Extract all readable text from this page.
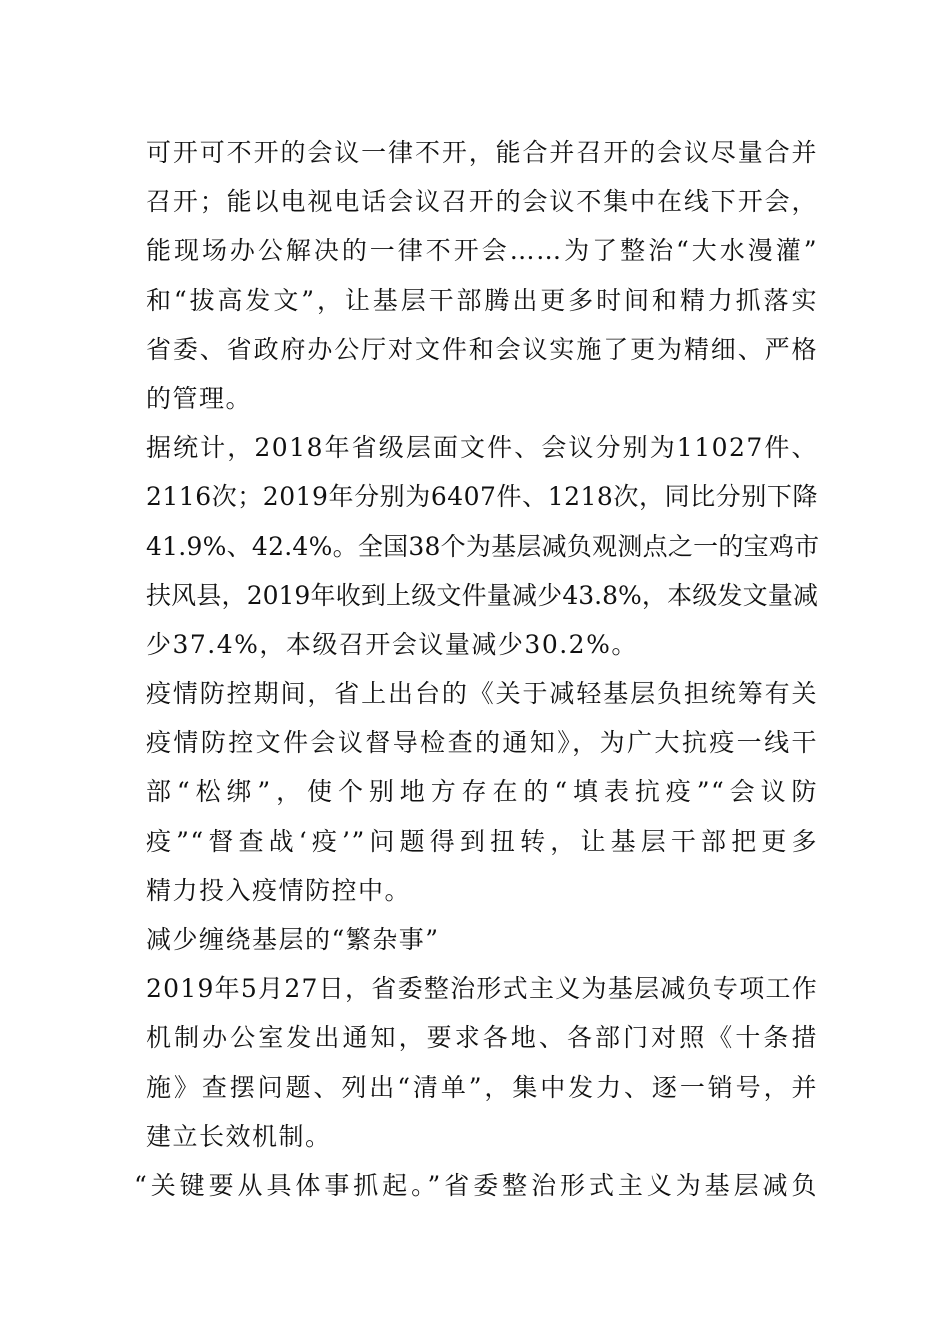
可开可不开的会议一律不开，能合并召开的会议尽量合并
召开；能以电视电话会议召开的会议不集中在线下开会，
能现场办公解决的一律不开会……为了整治“大水漫灌”
和“拔高发文”，让基层干部腾出更多时间和精力抓落实
省委、省政府办公厅对文件和会议实施了更为精细、严格
的管理。
据统计，2018年省级层面文件、会议分别为11027件、
2116次；2019年分别为6407件、1218次，同比分别下降
41.9%、42.4%。全国38个为基层减负观测点之一的宝鸡市
扶风县，2019年收到上级文件量减少43.8%，本级发文量减
少37.4%，本级召开会议量减少30.2%。
疫情防控期间，省上出台的《关于减轻基层负担统筹有关
疫情防控文件会议督导检查的通知》，为广大抗疫一线干
部“松绑”，使个别地方存在的“填表抗疫”“会议防
疫”“督查战‘疫’”问题得到扭转，让基层干部把更多
精力投入疫情防控中。
减少缠绕基层的“繁杂事”
2019年5月27日，省委整治形式主义为基层减负专项工作
机制办公室发出通知，要求各地、各部门对照《十条措
施》查摆问题、列出“清单”，集中发力、逐一销号，并
建立长效机制。
“关键要从具体事抓起。”省委整治形式主义为基层减负
